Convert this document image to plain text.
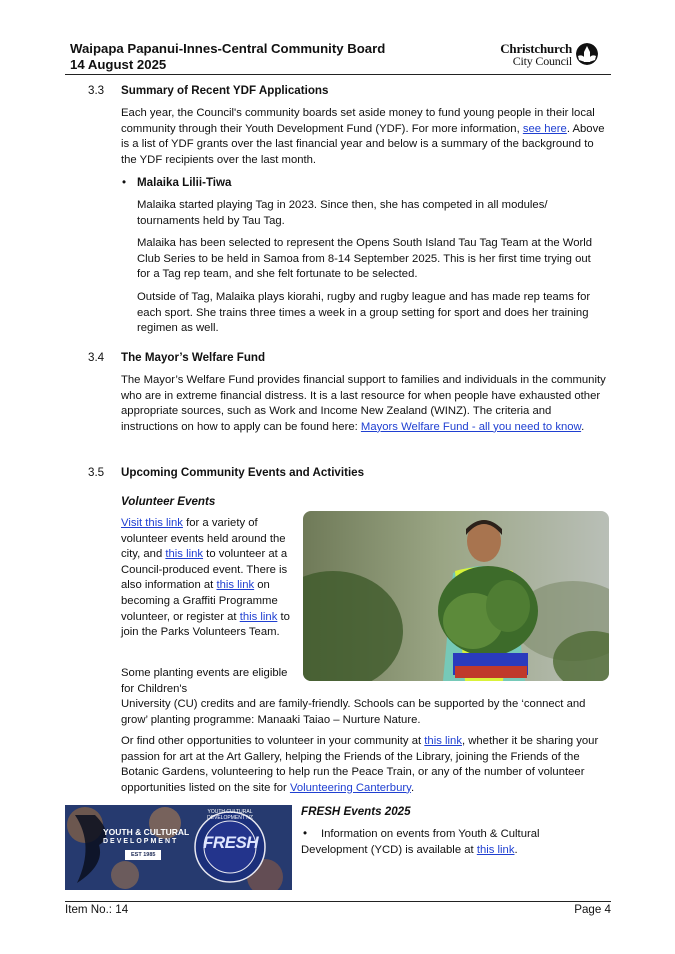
Waipapa Papanui-Innes-Central Community Board
14 August 2025
Christchurch
City Council
3.3 Summary of Recent YDF Applications

Each year, the Council's community boards set aside money to fund young people in their local community through their Youth Development Fund (YDF). For more information, see here. Above is a list of YDF grants over the last financial year and below is a summary of the background to the YDF recipients over the last month.

• Malaika Lilii-Tiwa

Malaika started playing Tag in 2023. Since then, she has competed in all modules/ tournaments held by Tau Tag.

Malaika has been selected to represent the Opens South Island Tau Tag Team at the World Club Series to be held in Samoa from 8-14 September 2025. This is her first time trying out for a Tag rep team, and she felt fortunate to be selected.

Outside of Tag, Malaika plays kiorahi, rugby and rugby league and has made rep teams for each sport. She trains three times a week in a group setting for sport and does her training regimen as well.

3.4 The Mayor’s Welfare Fund

The Mayor’s Welfare Fund provides financial support to families and individuals in the community who are in extreme financial distress. It is a last resource for when people have exhausted other appropriate sources, such as Work and Income New Zealand (WINZ). The criteria and instructions on how to apply can be found here: Mayors Welfare Fund - all you need to know.

3.5 Upcoming Community Events and Activities
Volunteer Events

Visit this link for a variety of volunteer events held around the city, and this link to volunteer at a Council-produced event. There is also information at this link on becoming a Graffiti Programme volunteer, or register at this link to join the Parks Volunteers Team.

Some planting events are eligible for Children's

University (CU) credits and are family-friendly. Schools can be supported by the ‘connect and grow’ planting programme: Manaaki Taiao – Nurture Nature.

Or find other opportunities to volunteer in your community at this link, whether it be sharing your passion for art at the Art Gallery, helping the Friends of the Library, joining the Friends of the Botanic Gardens, volunteering to help run the Peace Train, or any of the number of volunteer opportunities listed on the site for Volunteering Canterbury.

YOUTH & CULTURAL
DEVELOPMENT
EST 1985
FRESH
YOUTH CULTURAL DEVELOPMENT NZ	FRESH Events 2025
•	Information on events from Youth & Cultural Development (YCD) is available at this link.

Item No.: 14	Page 4
